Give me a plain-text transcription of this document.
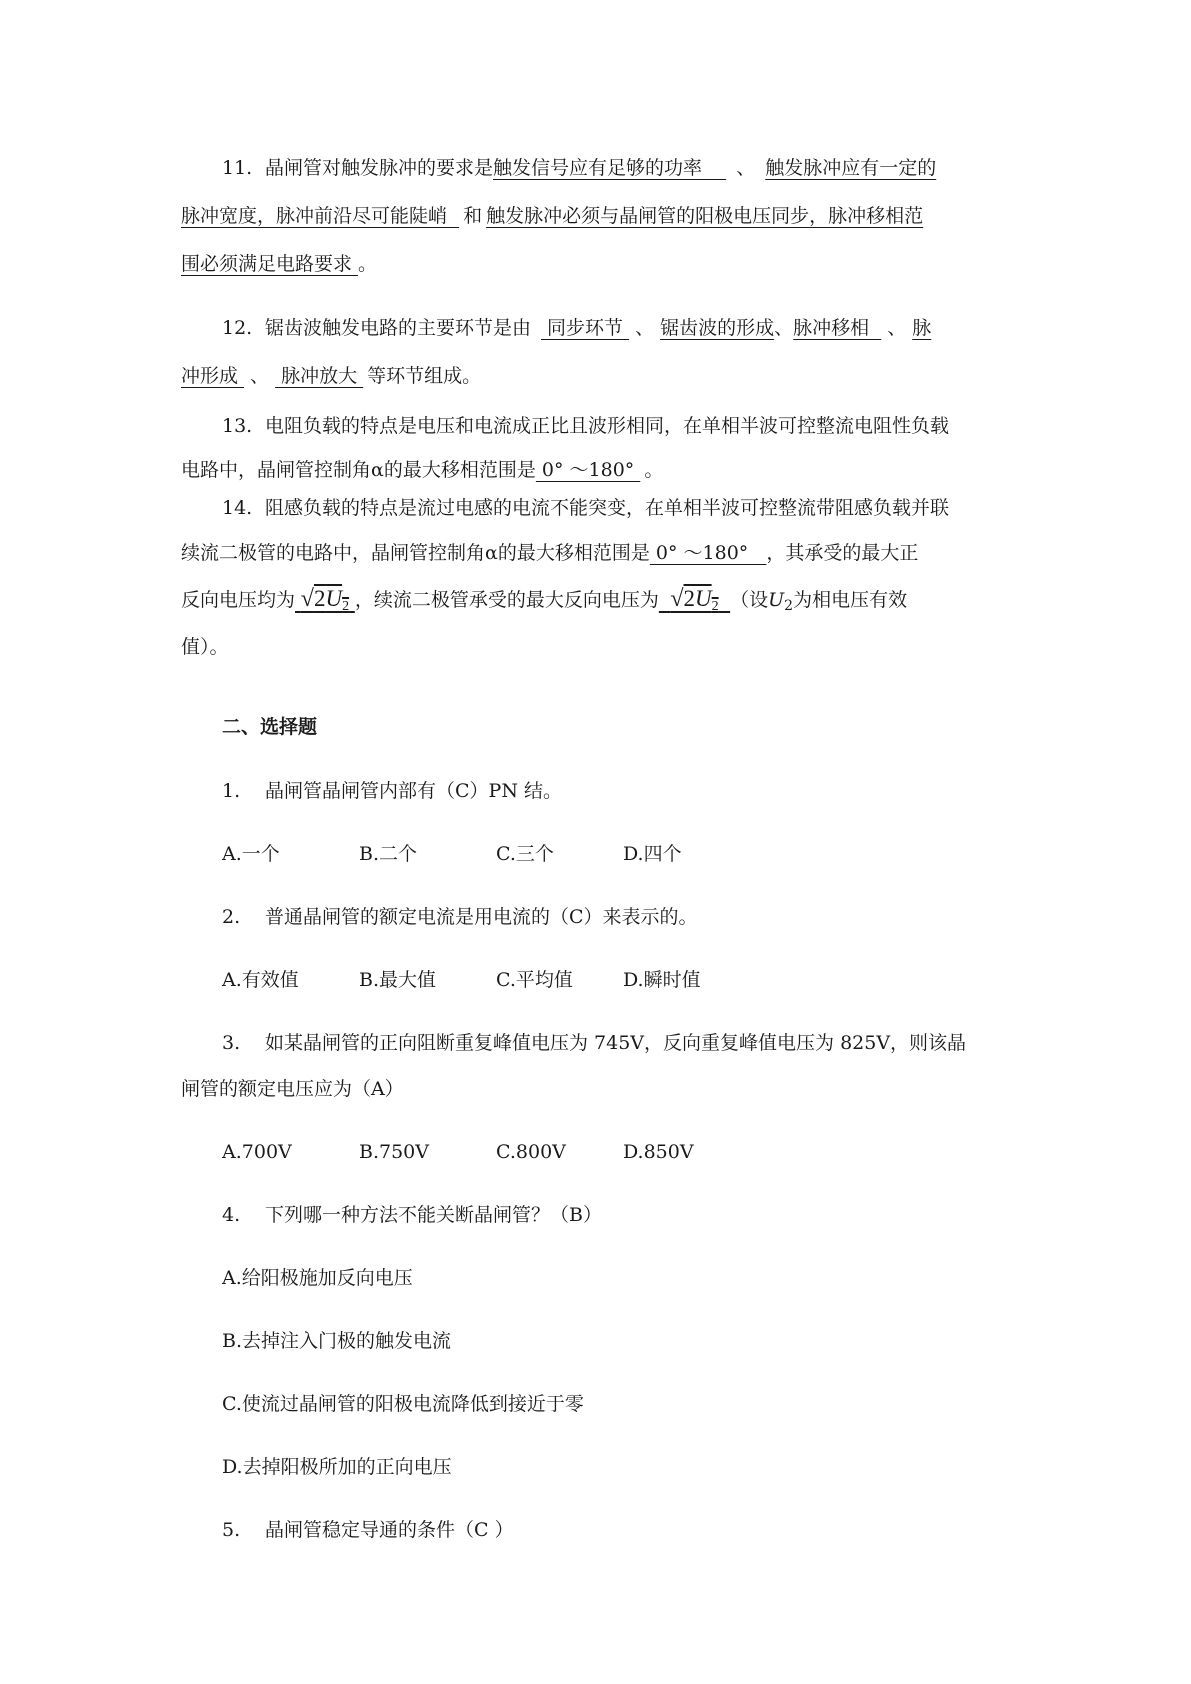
11. 晶闸管对触发脉冲的要求是触发信号应有足够的功率    、 触发脉冲应有一定的
脉冲宽度，脉冲前沿尽可能陡峭  和 触发脉冲必须与晶闸管的阳极电压同步，脉冲移相范
围必须满足电路要求 。
12. 锯齿波触发电路的主要环节是由 同步环节 、 锯齿波的形成、脉冲移相  、 脉
冲形成 、 脉冲放大 等环节组成。
13. 电阻负载的特点是电压和电流成正比且波形相同，在单相半波可控整流电阻性负载
电路中，晶闸管控制角α的最大移相范围是 0° ～180° 。
14. 阻感负载的特点是流过电感的电流不能突变，在单相半波可控整流带阻感负载并联
续流二极管的电路中，晶闸管控制角α的最大移相范围是 0° ～180°   ，其承受的最大正
反向电压均为 $√2U_2$ ，续流二极管承受的最大反向电压为 $√2U_2$ （设$U_2$为相电压有效
值）。
二、选择题
1. 晶闸管晶闸管内部有（C）PN 结。
A.一个	B.二个	C.三个	D.四个
2. 普通晶闸管的额定电流是用电流的（C）来表示的。
A.有效值	B.最大值	C.平均值	D.瞬时值
3. 如某晶闸管的正向阻断重复峰值电压为 745V，反向重复峰值电压为 825V，则该晶
闸管的额定电压应为（A）
A.700V	B.750V	C.800V	D.850V
4. 下列哪一种方法不能关断晶闸管？（B）
A.给阳极施加反向电压
B.去掉注入门极的触发电流
C.使流过晶闸管的阳极电流降低到接近于零
D.去掉阳极所加的正向电压
5. 晶闸管稳定导通的条件（C ）
